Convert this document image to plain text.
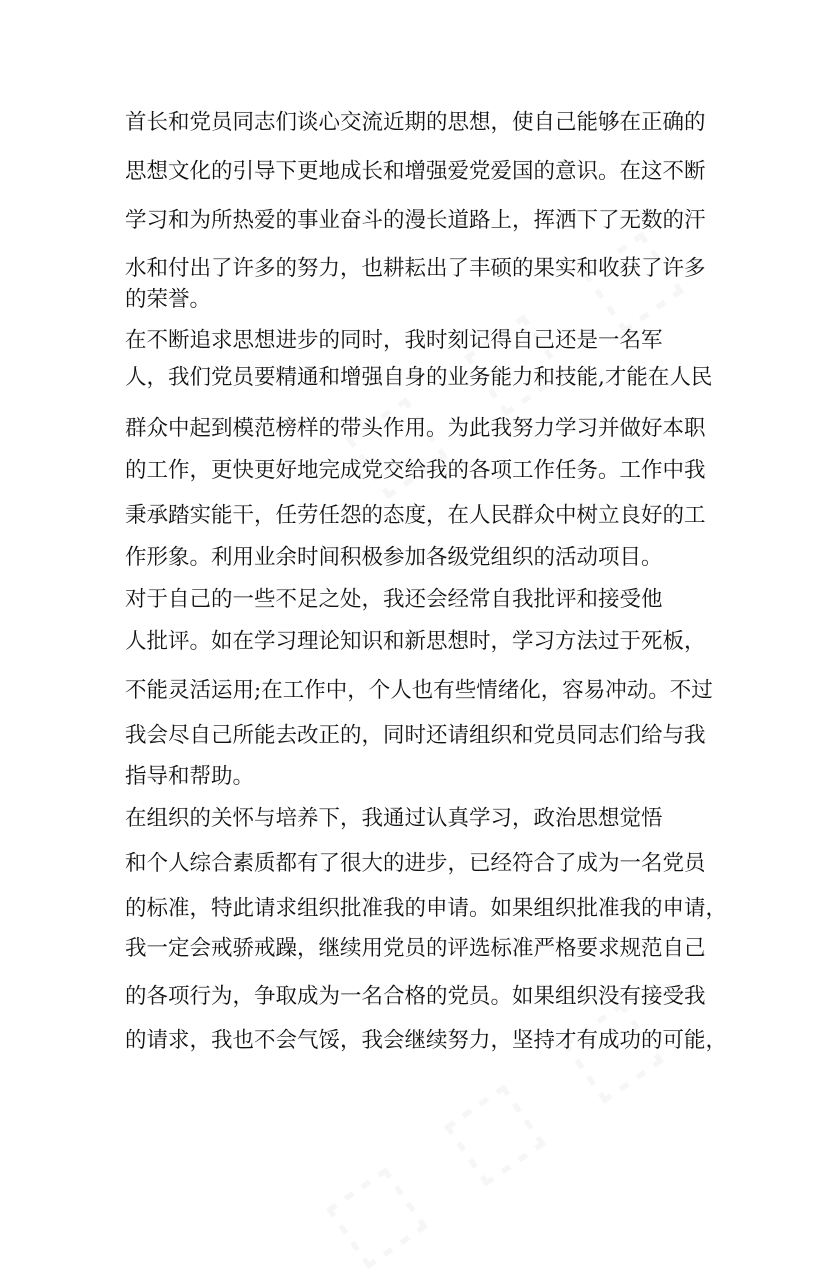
首长和党员同志们谈心交流近期的思想，使自己能够在正确的
思想文化的引导下更地成长和增强爱党爱国的意识。在这不断
学习和为所热爱的事业奋斗的漫长道路上，挥洒下了无数的汗
水和付出了许多的努力，也耕耘出了丰硕的果实和收获了许多
的荣誉。
在不断追求思想进步的同时，我时刻记得自己还是一名军
人，我们党员要精通和增强自身的业务能力和技能,才能在人民
群众中起到模范榜样的带头作用。为此我努力学习并做好本职
的工作，更快更好地完成党交给我的各项工作任务。工作中我
秉承踏实能干，任劳任怨的态度，在人民群众中树立良好的工
作形象。利用业余时间积极参加各级党组织的活动项目。
对于自己的一些不足之处，我还会经常自我批评和接受他
人批评。如在学习理论知识和新思想时，学习方法过于死板，
不能灵活运用;在工作中，个人也有些情绪化，容易冲动。不过
我会尽自己所能去改正的，同时还请组织和党员同志们给与我
指导和帮助。
在组织的关怀与培养下，我通过认真学习，政治思想觉悟
和个人综合素质都有了很大的进步，已经符合了成为一名党员
的标准，特此请求组织批准我的申请。如果组织批准我的申请，
我一定会戒骄戒躁，继续用党员的评选标准严格要求规范自己
的各项行为，争取成为一名合格的党员。如果组织没有接受我
的请求，我也不会气馁，我会继续努力，坚持才有成功的可能，
